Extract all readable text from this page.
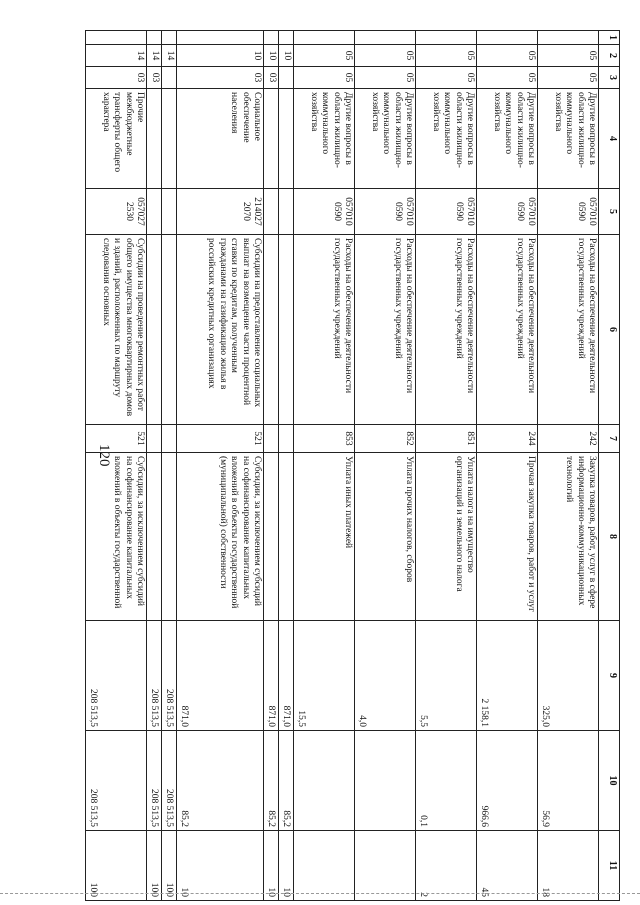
120
1	2	3	4	5	6	7	8	9	10	11
	05	05	Другие вопросы в области жилищно-коммунального хозяйства	057010 0590	Расходы на обеспечение деятельности государственных учреждений	242	Закупка товаров, работ, услуг в сфере информационно-коммуникационных технологий	325,0	56,9	18
	05	05	Другие вопросы в области жилищно-коммунального хозяйства	057010 0590	Расходы на обеспечение деятельности государственных учреждений	244	Прочая закупка товаров, работ и услуг	2 158,1	966,6	45
	05	05	Другие вопросы в области жилищно-коммунального хозяйства	057010 0590	Расходы на обеспечение деятельности государственных учреждений	851	Уплата налога на имущество организаций и земельного налога	5,5	0,1	2
	05	05	Другие вопросы в области жилищно-коммунального хозяйства	057010 0590	Расходы на обеспечение деятельности государственных учреждений	852	Уплата прочих налогов, сборов	4,0		
	05	05	Другие вопросы в области жилищно-коммунального хозяйства	057010 0590	Расходы на обеспечение деятельности государственных учреждений	853	Уплата иных платежей	15,5		
	10							871,0	85,2	10
	10	03						871,0	85,2	10
	10	03	Социальное обеспечение населения	214027 2070	Субсидии на предоставление социальных выплат на возмещение части процентной ставки по кредитам, полученным гражданами на газификацию жилья в российских кредитных организациях	521	Субсидии, за исключением субсидий на софинансирование капитальных вложений в объекты государственной (муниципальной) собственности	871,0	85,2	10
	14							208 513,5	208 513,5	100
	14	03						208 513,5	208 513,5	100
	14	03	Прочие межбюджетные трансферты общего характера	057027 2530	Субсидии на проведение ремонтных работ общего имущества многоквартирных домов и зданий, расположенных по маршруту следования основных	521	Субсидии, за исключением субсидий на софинансирование капитальных вложений в объекты государственной	208 513,5	208 513,5	100
